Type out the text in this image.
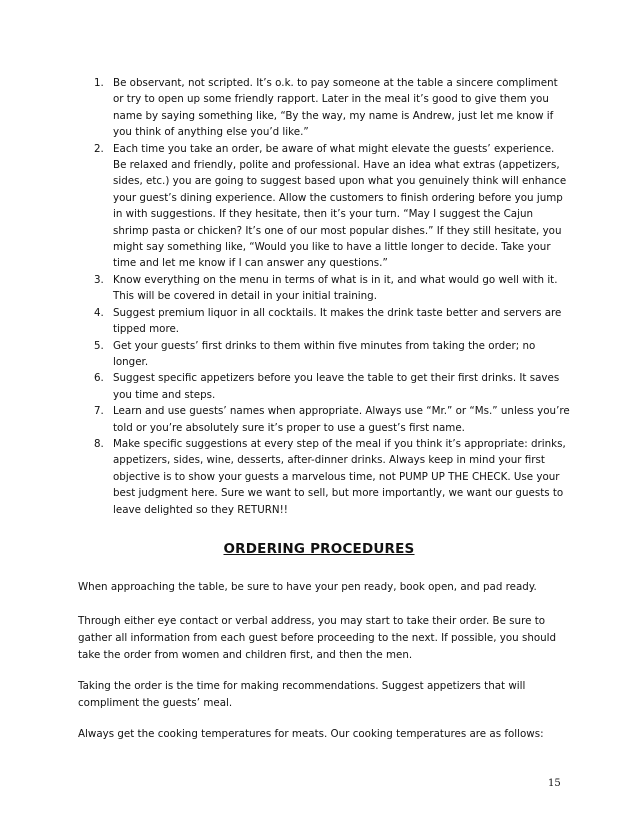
1. Be observant, not scripted. It’s o.k. to pay someone at the table a sincere compliment or try to open up some friendly rapport. Later in the meal it’s good to give them you name by saying something like, “By the way, my name is Andrew, just let me know if you think of anything else you’d like.”
2. Each time you take an order, be aware of what might elevate the guests’ experience. Be relaxed and friendly, polite and professional. Have an idea what extras (appetizers, sides, etc.) you are going to suggest based upon what you genuinely think will enhance your guest’s dining experience. Allow the customers to finish ordering before you jump in with suggestions. If they hesitate, then it’s your turn. “May I suggest the Cajun shrimp pasta or chicken? It’s one of our most popular dishes.” If they still hesitate, you might say something like, “Would you like to have a little longer to decide. Take your time and let me know if I can answer any questions.”
3. Know everything on the menu in terms of what is in it, and what would go well with it. This will be covered in detail in your initial training.
4. Suggest premium liquor in all cocktails. It makes the drink taste better and servers are tipped more.
5. Get your guests’ first drinks to them within five minutes from taking the order; no longer.
6. Suggest specific appetizers before you leave the table to get their first drinks. It saves you time and steps.
7. Learn and use guests’ names when appropriate. Always use “Mr.” or “Ms.” unless you’re told or you’re absolutely sure it’s proper to use a guest’s first name.
8. Make specific suggestions at every step of the meal if you think it’s appropriate: drinks, appetizers, sides, wine, desserts, after-dinner drinks. Always keep in mind your first objective is to show your guests a marvelous time, not PUMP UP THE CHECK. Use your best judgment here. Sure we want to sell, but more importantly, we want our guests to leave delighted so they RETURN!!
ORDERING PROCEDURES

When approaching the table, be sure to have your pen ready, book open, and pad ready.

Through either eye contact or verbal address, you may start to take their order. Be sure to gather all information from each guest before proceeding to the next. If possible, you should take the order from women and children first, and then the men.

Taking the order is the time for making recommendations. Suggest appetizers that will compliment the guests’ meal.

Always get the cooking temperatures for meats. Our cooking temperatures are as follows:

15
